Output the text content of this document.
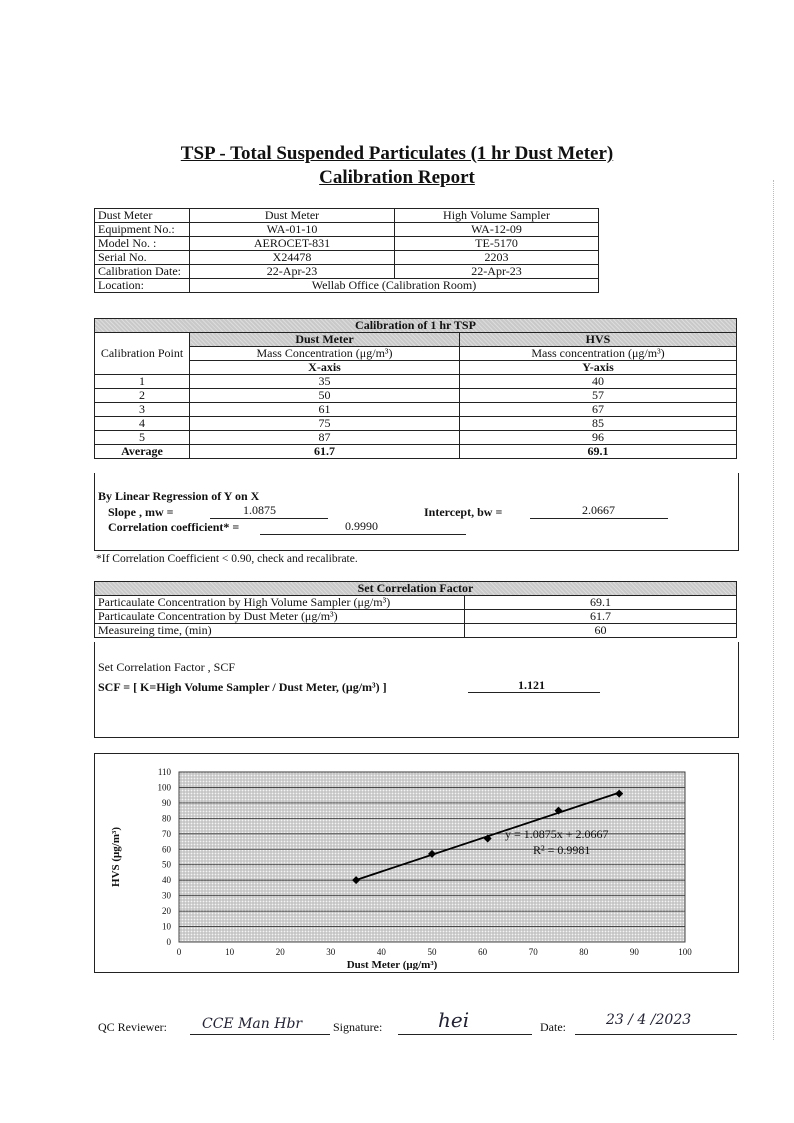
TSP - Total Suspended Particulates (1 hr Dust Meter)
Calibration Report
Dust Meter	Dust Meter	High Volume Sampler
Equipment No.:	WA-01-10	WA-12-09
Model No. :	AEROCET-831	TE-5170
Serial No.	X24478	2203
Calibration Date:	22-Apr-23	22-Apr-23
Location:	Wellab Office (Calibration Room)	
Calibration of 1 hr TSP		
Calibration Point	Dust Meter	HVS
	Mass Concentration (μg/m³)	Mass concentration (μg/m³)
	X-axis	Y-axis
1	35	40
2	50	57
3	61	67
4	75	85
5	87	96
Average	61.7	69.1
By Linear Regression of Y on X
Slope , mw =	1.0875	Intercept, bw =	2.0667
Correlation coefficient* =	0.9990
*If Correlation Coefficient < 0.90, check and recalibrate.
Set Correlation Factor	
Particaulate Concentration by High Volume Sampler (μg/m³)	69.1
Particaulate Concentration by Dust Meter (μg/m³)	61.7
Measureing time, (min)	60
Set Correlation Factor , SCF
SCF = [ K=High Volume Sampler / Dust Meter, (μg/m³) ]	1.121
0
10
20
30
40
50
60
70
80
90
100
110
0	10	20	30	40	50	60	70	80	90	100
y = 1.0875x + 2.0667
R² = 0.9981
Dust Meter (μg/m³)
HVS (μg/m³)
QC Reviewer:	CCE Man Hbr	Signature:	hei	Date:	23 / 4 /2023
